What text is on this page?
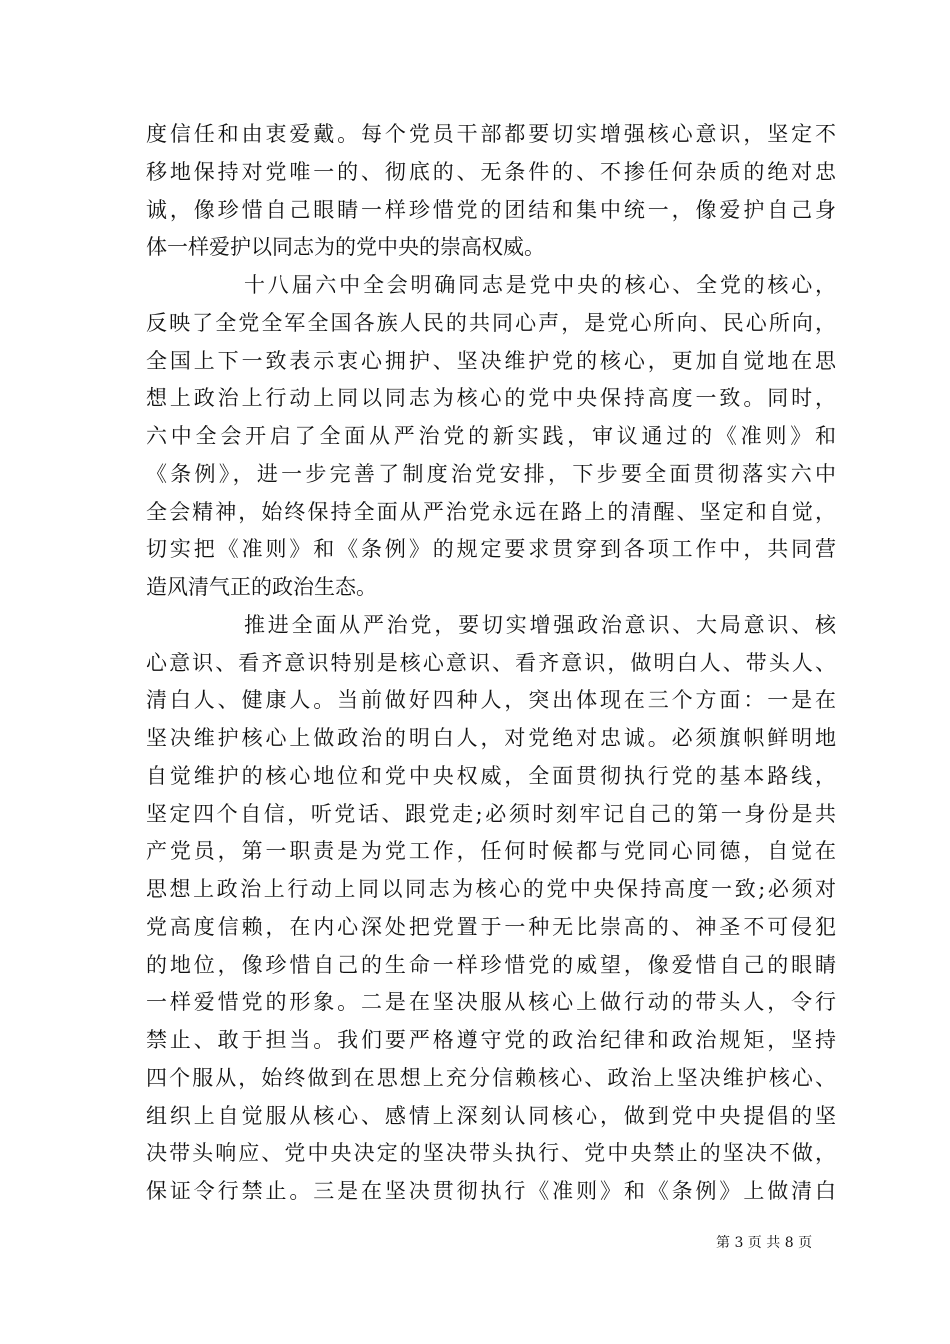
度信任和由衷爱戴。每个党员干部都要切实增强核心意识，坚定不
移地保持对党唯一的、彻底的、无条件的、不掺任何杂质的绝对忠
诚，像珍惜自己眼睛一样珍惜党的团结和集中统一，像爱护自己身
体一样爱护以同志为的党中央的崇高权威。
十八届六中全会明确同志是党中央的核心、全党的核心，
反映了全党全军全国各族人民的共同心声，是党心所向、民心所向，
全国上下一致表示衷心拥护、坚决维护党的核心，更加自觉地在思
想上政治上行动上同以同志为核心的党中央保持高度一致。同时，
六中全会开启了全面从严治党的新实践，审议通过的《准则》和
《条例》，进一步完善了制度治党安排，下步要全面贯彻落实六中
全会精神，始终保持全面从严治党永远在路上的清醒、坚定和自觉，
切实把《准则》和《条例》的规定要求贯穿到各项工作中，共同营
造风清气正的政治生态。
推进全面从严治党，要切实增强政治意识、大局意识、核
心意识、看齐意识特别是核心意识、看齐意识，做明白人、带头人、
清白人、健康人。当前做好四种人，突出体现在三个方面：一是在
坚决维护核心上做政治的明白人，对党绝对忠诚。必须旗帜鲜明地
自觉维护的核心地位和党中央权威，全面贯彻执行党的基本路线，
坚定四个自信，听党话、跟党走;必须时刻牢记自己的第一身份是共
产党员，第一职责是为党工作，任何时候都与党同心同德，自觉在
思想上政治上行动上同以同志为核心的党中央保持高度一致;必须对
党高度信赖，在内心深处把党置于一种无比崇高的、神圣不可侵犯
的地位，像珍惜自己的生命一样珍惜党的威望，像爱惜自己的眼睛
一样爱惜党的形象。二是在坚决服从核心上做行动的带头人，令行
禁止、敢于担当。我们要严格遵守党的政治纪律和政治规矩，坚持
四个服从，始终做到在思想上充分信赖核心、政治上坚决维护核心、
组织上自觉服从核心、感情上深刻认同核心，做到党中央提倡的坚
决带头响应、党中央决定的坚决带头执行、党中央禁止的坚决不做，
保证令行禁止。三是在坚决贯彻执行《准则》和《条例》上做清白
第 3 页 共 8 页
